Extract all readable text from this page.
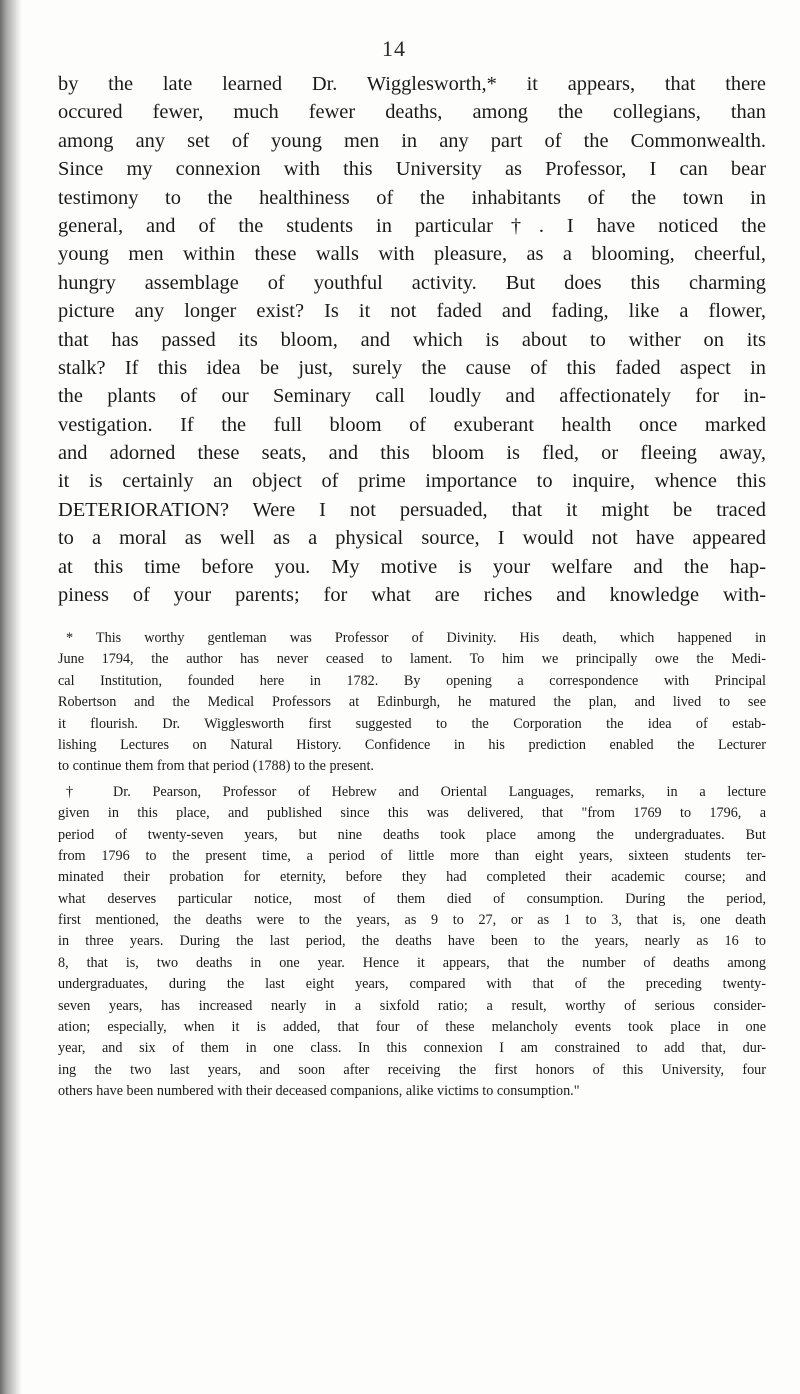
14
by the late learned Dr. Wigglesworth,* it appears, that there
occured fewer, much fewer deaths, among the collegians, than
among any set of young men in any part of the Commonwealth.
Since my connexion with this University as Professor, I can bear
testimony to the healthiness of the inhabitants of the town in
general, and of the students in particular†. I have noticed the
young men within these walls with pleasure, as a blooming, cheerful,
hungry assemblage of youthful activity. But does this charming
picture any longer exist? Is it not faded and fading, like a flower,
that has passed its bloom, and which is about to wither on its
stalk? If this idea be just, surely the cause of this faded aspect in
the plants of our Seminary call loudly and affectionately for in-
vestigation. If the full bloom of exuberant health once marked
and adorned these seats, and this bloom is fled, or fleeing away,
it is certainly an object of prime importance to inquire, whence this
DETERIORATION? Were I not persuaded, that it might be traced
to a moral as well as a physical source, I would not have appeared
at this time before you. My motive is your welfare and the hap-
piness of your parents; for what are riches and knowledge with-
* This worthy gentleman was Professor of Divinity. His death, which happened in
June 1794, the author has never ceased to lament. To him we principally owe the Medi-
cal Institution, founded here in 1782. By opening a correspondence with Principal
Robertson and the Medical Professors at Edinburgh, he matured the plan, and lived to see
it flourish. Dr. Wigglesworth first suggested to the Corporation the idea of estab-
lishing Lectures on Natural History. Confidence in his prediction enabled the Lecturer
to continue them from that period (1788) to the present.
† Dr. Pearson, Professor of Hebrew and Oriental Languages, remarks, in a lecture
given in this place, and published since this was delivered, that "from 1769 to 1796, a
period of twenty-seven years, but nine deaths took place among the undergraduates. But
from 1796 to the present time, a period of little more than eight years, sixteen students ter-
minated their probation for eternity, before they had completed their academic course; and
what deserves particular notice, most of them died of consumption. During the period,
first mentioned, the deaths were to the years, as 9 to 27, or as 1 to 3, that is, one death
in three years. During the last period, the deaths have been to the years, nearly as 16 to
8, that is, two deaths in one year. Hence it appears, that the number of deaths among
undergraduates, during the last eight years, compared with that of the preceding twenty-
seven years, has increased nearly in a sixfold ratio; a result, worthy of serious consider-
ation; especially, when it is added, that four of these melancholy events took place in one
year, and six of them in one class. In this connexion I am constrained to add that, dur-
ing the two last years, and soon after receiving the first honors of this University, four
others have been numbered with their deceased companions, alike victims to consumption."
